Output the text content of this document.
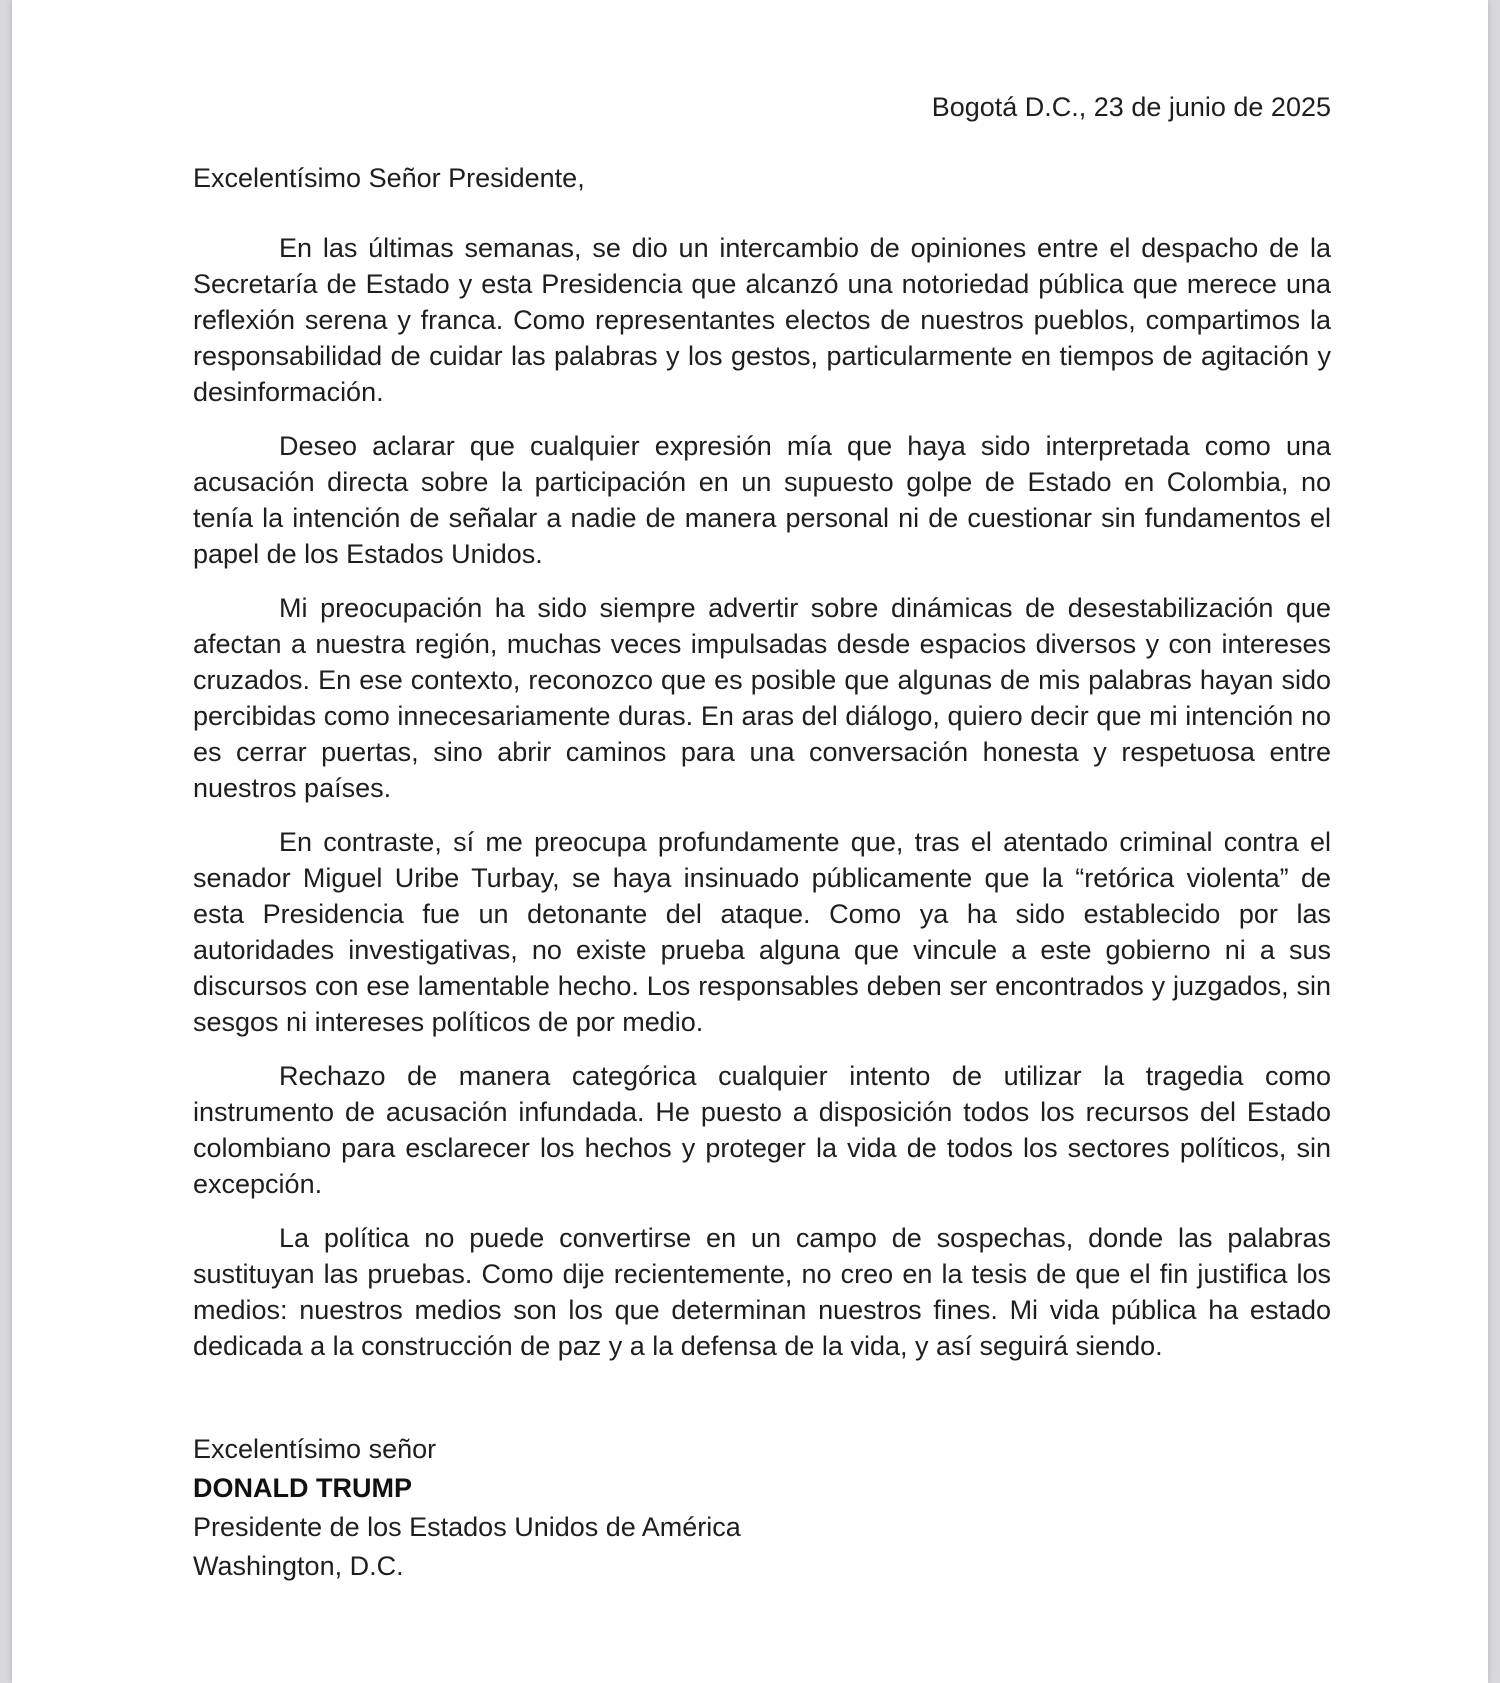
Bogotá D.C., 23 de junio de 2025
Excelentísimo Señor Presidente,

En las últimas semanas, se dio un intercambio de opiniones entre el despacho de la Secretaría de Estado y esta Presidencia que alcanzó una notoriedad pública que merece una reflexión serena y franca. Como representantes electos de nuestros pueblos, compartimos la responsabilidad de cuidar las palabras y los gestos, particularmente en tiempos de agitación y desinformación.

Deseo aclarar que cualquier expresión mía que haya sido interpretada como una acusación directa sobre la participación en un supuesto golpe de Estado en Colombia, no tenía la intención de señalar a nadie de manera personal ni de cuestionar sin fundamentos el papel de los Estados Unidos.

Mi preocupación ha sido siempre advertir sobre dinámicas de desestabilización que afectan a nuestra región, muchas veces impulsadas desde espacios diversos y con intereses cruzados. En ese contexto, reconozco que es posible que algunas de mis palabras hayan sido percibidas como innecesariamente duras. En aras del diálogo, quiero decir que mi intención no es cerrar puertas, sino abrir caminos para una conversación honesta y respetuosa entre nuestros países.

En contraste, sí me preocupa profundamente que, tras el atentado criminal contra el senador Miguel Uribe Turbay, se haya insinuado públicamente que la “retórica violenta” de esta Presidencia fue un detonante del ataque. Como ya ha sido establecido por las autoridades investigativas, no existe prueba alguna que vincule a este gobierno ni a sus discursos con ese lamentable hecho. Los responsables deben ser encontrados y juzgados, sin sesgos ni intereses políticos de por medio.

Rechazo de manera categórica cualquier intento de utilizar la tragedia como instrumento de acusación infundada. He puesto a disposición todos los recursos del Estado colombiano para esclarecer los hechos y proteger la vida de todos los sectores políticos, sin excepción.

La política no puede convertirse en un campo de sospechas, donde las palabras sustituyan las pruebas. Como dije recientemente, no creo en la tesis de que el fin justifica los medios: nuestros medios son los que determinan nuestros fines. Mi vida pública ha estado dedicada a la construcción de paz y a la defensa de la vida, y así seguirá siendo.

Excelentísimo señor
DONALD TRUMP
Presidente de los Estados Unidos de América
Washington, D.C.
